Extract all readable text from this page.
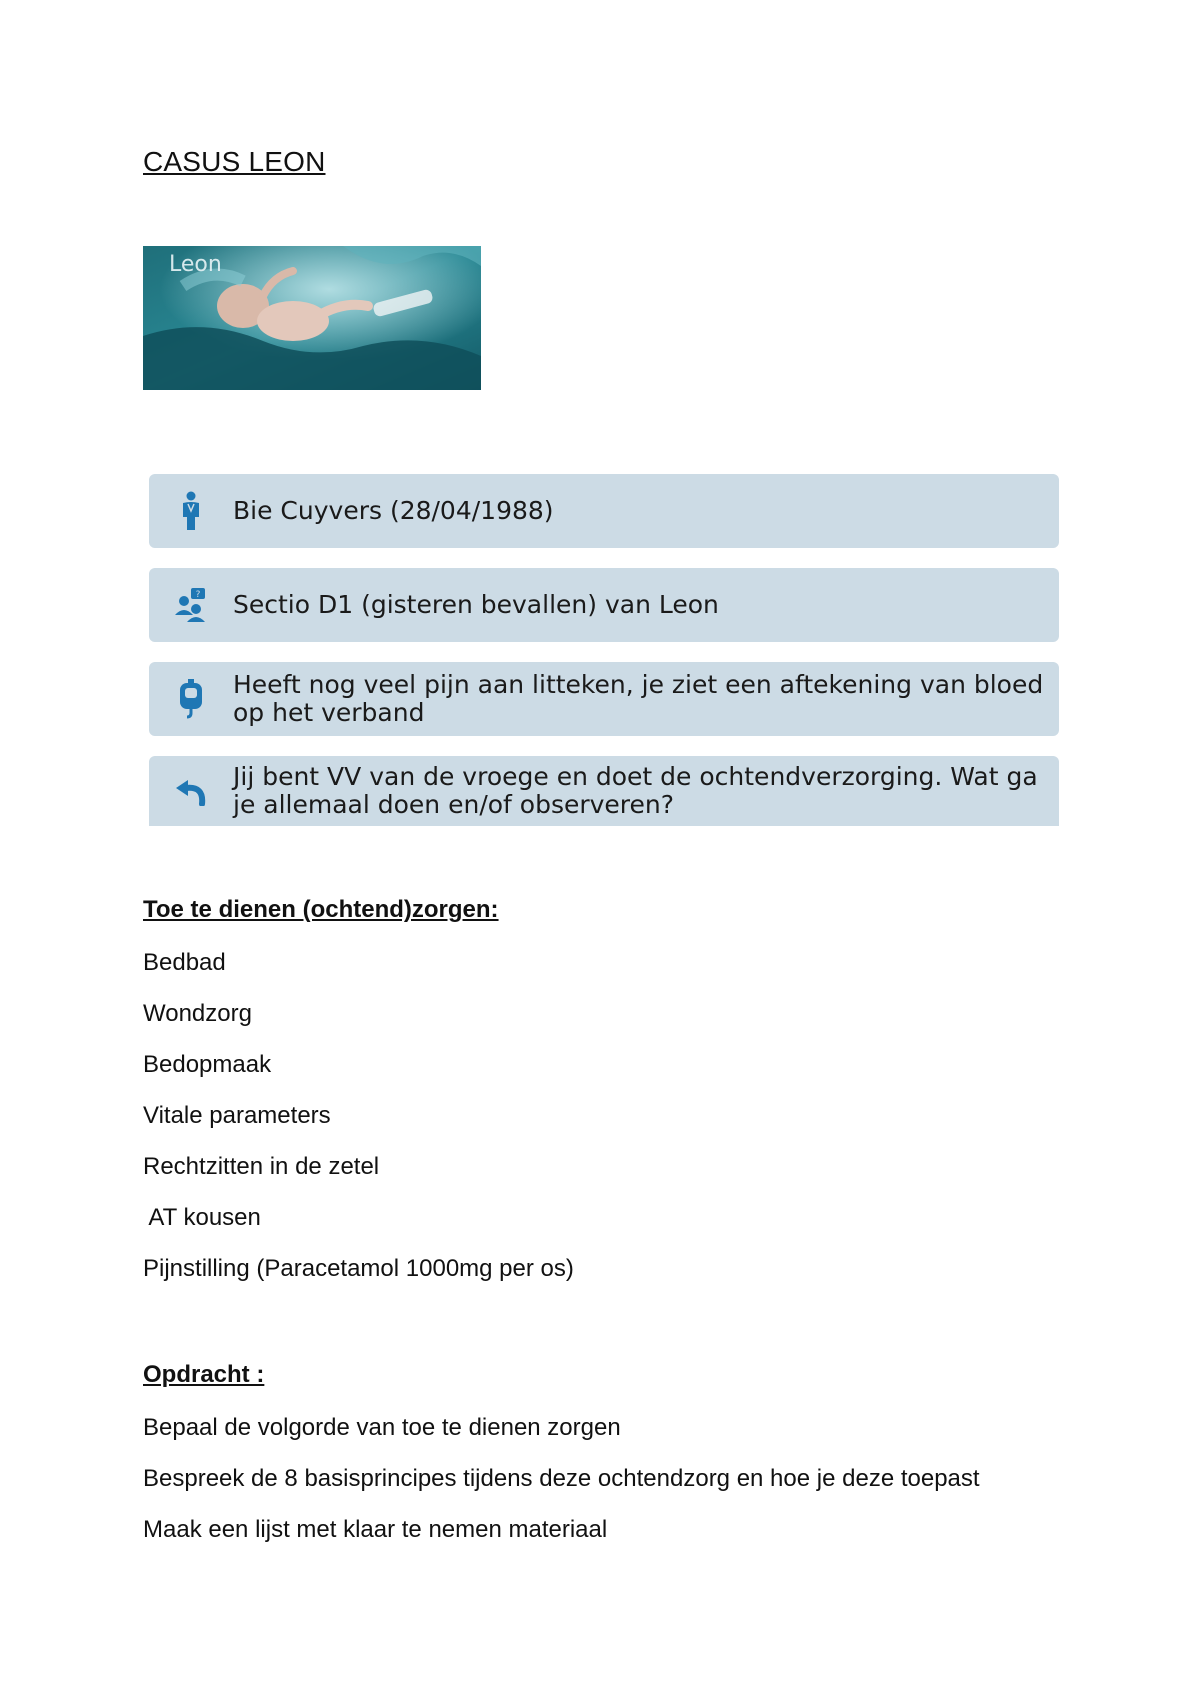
CASUS LEON
Leon
Bie Cuyvers (28/04/1988)
? Sectio D1 (gisteren bevallen) van Leon
Heeft nog veel pijn aan litteken, je ziet een aftekening van bloed op het verband
Jij bent VV van de vroege en doet de ochtendverzorging. Wat ga je allemaal doen en/of observeren?
Toe te dienen (ochtend)zorgen:
Bedbad
Wondzorg
Bedopmaak
Vitale parameters
Rechtzitten in de zetel
AT kousen
Pijnstilling (Paracetamol 1000mg per os)
Opdracht :
Bepaal de volgorde van toe te dienen zorgen
Bespreek de 8 basisprincipes tijdens deze ochtendzorg en hoe je deze toepast
Maak een lijst met klaar te nemen materiaal
